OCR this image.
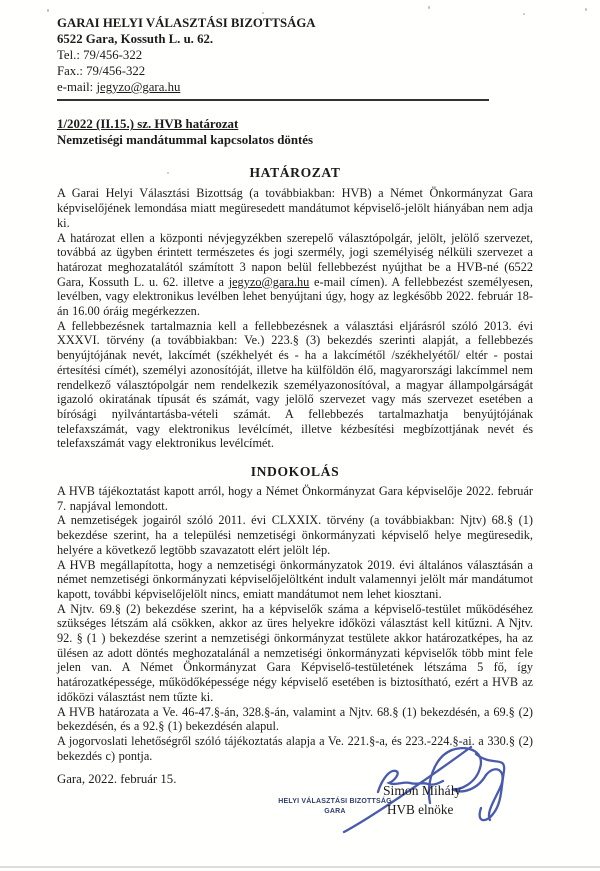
GARAI HELYI VÁLASZTÁSI BIZOTTSÁGA
6522 Gara, Kossuth L. u. 62.
Tel.: 79/456-322
Fax.: 79/456-322
e-mail: jegyzo@gara.hu
1/2022 (II.15.) sz. HVB határozat
Nemzetiségi mandátummal kapcsolatos döntés
HATÁROZAT

A Garai Helyi Választási Bizottság (a továbbiakban: HVB) a Német Önkormányzat Gara képviselőjének lemondása miatt megüresedett mandátumot képviselő-jelölt hiányában nem adja ki.

A határozat ellen a központi névjegyzékben szerepelő választópolgár, jelölt, jelölő szervezet, továbbá az ügyben érintett természetes és jogi szermély, jogi személyiség nélküli szervezet a határozat meghozatalától számított 3 napon belül fellebbezést nyújthat be a HVB-né (6522 Gara, Kossuth L. u. 62. illetve a jegyzo@gara.hu e-mail címen). A fellebbezést személyesen, levélben, vagy elektronikus levélben lehet benyújtani úgy, hogy az legkésőbb 2022. február 18-án 16.00 óráig megérkezzen.

A fellebbezésnek tartalmaznia kell a fellebbezésnek a választási eljárásról szóló 2013. évi XXXVI. törvény (a továbbiakban: Ve.) 223.§ (3) bekezdés szerinti alapját, a fellebbezés benyújtójának nevét, lakcímét (székhelyét és - ha a lakcímétől /székhelyétől/ eltér - postai értesítési címét), személyi azonosítóját, illetve ha külföldön élő, magyarországi lakcímmel nem rendelkező választópolgár nem rendelkezik személyazonosítóval, a magyar állampolgárságát igazoló okiratának típusát és számát, vagy jelölő szervezet vagy más szervezet esetében a bírósági nyilvántartásba-vételi számát. A fellebbezés tartalmazhatja benyújtójának telefaxszámát, vagy elektronikus levélcímét, illetve kézbesítési megbízottjának nevét és telefaxszámát vagy elektronikus levélcímét.

INDOKOLÁS

A HVB tájékoztatást kapott arról, hogy a Német Önkormányzat Gara képviselője 2022. február 7. napjával lemondott.

A nemzetiségek jogairól szóló 2011. évi CLXXIX. törvény (a továbbiakban: Njtv) 68.§ (1) bekezdése szerint, ha a települési nemzetiségi önkormányzati képviselő helye megüresedik, helyére a következő legtöbb szavazatott elért jelölt lép.

A HVB megállapította, hogy a nemzetiségi önkormányzatok 2019. évi általános választásán a német nemzetiségi önkormányzati képviselőjelöltként indult valamennyi jelölt már mandátumot kapott, további képviselőjelölt nincs, emiatt mandátumot nem lehet kiosztani.

A Njtv. 69.§ (2) bekezdése szerint, ha a képviselők száma a képviselő-testület működéséhez szükséges létszám alá csökken, akkor az üres helyekre időközi választást kell kitűzni. A Njtv. 92. § (1 ) bekezdése szerint a nemzetiségi önkormányzat testülete akkor határozatképes, ha az ülésen az adott döntés meghozatalánál a nemzetiségi önkormányzati képviselők több mint fele jelen van. A Német Önkormányzat Gara Képviselő-testületének létszáma 5 fő, így határozatképessége, működőképessége négy képviselő esetében is biztosítható, ezért a HVB az időközi választást nem tűzte ki.

A HVB határozata a Ve. 46-47.§-án, 328.§-án, valamint a Njtv. 68.§ (1) bekezdésén, a 69.§ (2) bekezdésén, és a 92.§ (1) bekezdésén alapul.

A jogorvoslati lehetőségről szóló tájékoztatás alapja a Ve. 221.§-a, és 223.-224.§-ai. a 330.§ (2) bekezdés c) pontja.

Gara, 2022. február 15.
HELYI VÁLASZTÁSI BIZOTTSÁG
GARA
Simon Mihály
HVB elnöke
